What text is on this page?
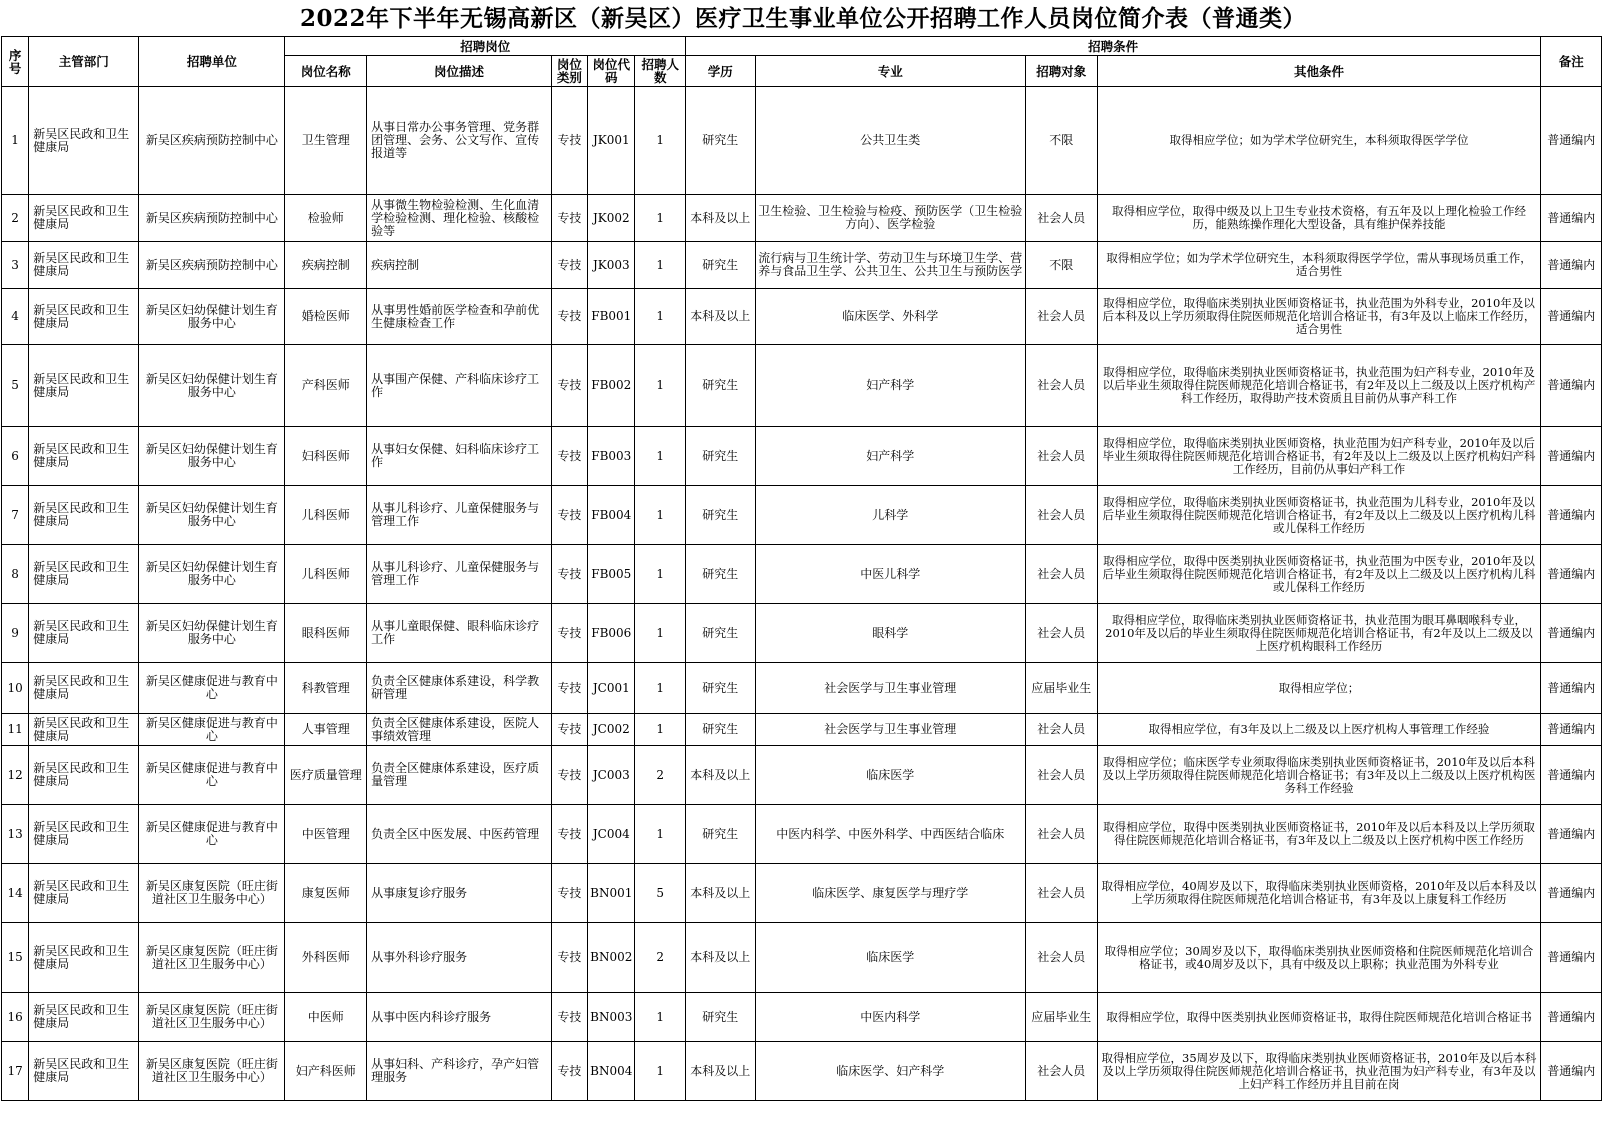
2022年下半年无锡高新区（新吴区）医疗卫生事业单位公开招聘工作人员岗位简介表（普通类）
序号	主管部门	招聘单位	招聘岗位					招聘条件				备注
			岗位名称	岗位描述	岗位类别	岗位代码	招聘人数	学历	专业	招聘对象	其他条件	
1	新吴区民政和卫生健康局	新吴区疾病预防控制中心	卫生管理	从事日常办公事务管理、党务群团管理、会务、公文写作、宣传报道等	专技	JK001	1	研究生	公共卫生类	不限	取得相应学位；如为学术学位研究生，本科须取得医学学位	普通编内
2	新吴区民政和卫生健康局	新吴区疾病预防控制中心	检验师	从事微生物检验检测、生化血清学检验检测、理化检验、核酸检验等	专技	JK002	1	本科及以上	卫生检验、卫生检验与检疫、预防医学（卫生检验方向）、医学检验	社会人员	取得相应学位，取得中级及以上卫生专业技术资格，有五年及以上理化检验工作经历，能熟练操作理化大型设备，具有维护保养技能	普通编内
3	新吴区民政和卫生健康局	新吴区疾病预防控制中心	疾病控制	疾病控制	专技	JK003	1	研究生	流行病与卫生统计学、劳动卫生与环境卫生学、营养与食品卫生学、公共卫生、公共卫生与预防医学	不限	取得相应学位；如为学术学位研究生，本科须取得医学学位，需从事现场员重工作，适合男性	普通编内
4	新吴区民政和卫生健康局	新吴区妇幼保健计划生育服务中心	婚检医师	从事男性婚前医学检查和孕前优生健康检查工作	专技	FB001	1	本科及以上	临床医学、外科学	社会人员	取得相应学位，取得临床类别执业医师资格证书，执业范围为外科专业，2010年及以后本科及以上学历须取得住院医师规范化培训合格证书，有3年及以上临床工作经历，适合男性	普通编内
5	新吴区民政和卫生健康局	新吴区妇幼保健计划生育服务中心	产科医师	从事围产保健、产科临床诊疗工作	专技	FB002	1	研究生	妇产科学	社会人员	取得相应学位，取得临床类别执业医师资格证书，执业范围为妇产科专业，2010年及以后毕业生须取得住院医师规范化培训合格证书，有2年及以上二级及以上医疗机构产科工作经历，取得助产技术资质且目前仍从事产科工作	普通编内
6	新吴区民政和卫生健康局	新吴区妇幼保健计划生育服务中心	妇科医师	从事妇女保健、妇科临床诊疗工作	专技	FB003	1	研究生	妇产科学	社会人员	取得相应学位，取得临床类别执业医师资格，执业范围为妇产科专业，2010年及以后毕业生须取得住院医师规范化培训合格证书，有2年及以上二级及以上医疗机构妇产科工作经历，目前仍从事妇产科工作	普通编内
7	新吴区民政和卫生健康局	新吴区妇幼保健计划生育服务中心	儿科医师	从事儿科诊疗、儿童保健服务与管理工作	专技	FB004	1	研究生	儿科学	社会人员	取得相应学位，取得临床类别执业医师资格证书，执业范围为儿科专业，2010年及以后毕业生须取得住院医师规范化培训合格证书，有2年及以上二级及以上医疗机构儿科或儿保科工作经历	普通编内
8	新吴区民政和卫生健康局	新吴区妇幼保健计划生育服务中心	儿科医师	从事儿科诊疗、儿童保健服务与管理工作	专技	FB005	1	研究生	中医儿科学	社会人员	取得相应学位，取得中医类别执业医师资格证书，执业范围为中医专业，2010年及以后毕业生须取得住院医师规范化培训合格证书，有2年及以上二级及以上医疗机构儿科或儿保科工作经历	普通编内
9	新吴区民政和卫生健康局	新吴区妇幼保健计划生育服务中心	眼科医师	从事儿童眼保健、眼科临床诊疗工作	专技	FB006	1	研究生	眼科学	社会人员	取得相应学位，取得临床类别执业医师资格证书，执业范围为眼耳鼻咽喉科专业，2010年及以后的毕业生须取得住院医师规范化培训合格证书，有2年及以上二级及以上医疗机构眼科工作经历	普通编内
10	新吴区民政和卫生健康局	新吴区健康促进与教育中心	科教管理	负责全区健康体系建设，科学教研管理	专技	JC001	1	研究生	社会医学与卫生事业管理	应届毕业生	取得相应学位；	普通编内
11	新吴区民政和卫生健康局	新吴区健康促进与教育中心	人事管理	负责全区健康体系建设，医院人事绩效管理	专技	JC002	1	研究生	社会医学与卫生事业管理	社会人员	取得相应学位，有3年及以上二级及以上医疗机构人事管理工作经验	普通编内
12	新吴区民政和卫生健康局	新吴区健康促进与教育中心	医疗质量管理	负责全区健康体系建设，医疗质量管理	专技	JC003	2	本科及以上	临床医学	社会人员	取得相应学位；临床医学专业须取得临床类别执业医师资格证书，2010年及以后本科及以上学历须取得住院医师规范化培训合格证书；有3年及以上二级及以上医疗机构医务科工作经验	普通编内
13	新吴区民政和卫生健康局	新吴区健康促进与教育中心	中医管理	负责全区中医发展、中医药管理	专技	JC004	1	研究生	中医内科学、中医外科学、中西医结合临床	社会人员	取得相应学位，取得中医类别执业医师资格证书，2010年及以后本科及以上学历须取得住院医师规范化培训合格证书，有3年及以上二级及以上医疗机构中医工作经历	普通编内
14	新吴区民政和卫生健康局	新吴区康复医院（旺庄街道社区卫生服务中心）	康复医师	从事康复诊疗服务	专技	BN001	5	本科及以上	临床医学、康复医学与理疗学	社会人员	取得相应学位，40周岁及以下，取得临床类别执业医师资格，2010年及以后本科及以上学历须取得住院医师规范化培训合格证书，有3年及以上康复科工作经历	普通编内
15	新吴区民政和卫生健康局	新吴区康复医院（旺庄街道社区卫生服务中心）	外科医师	从事外科诊疗服务	专技	BN002	2	本科及以上	临床医学	社会人员	取得相应学位；30周岁及以下，取得临床类别执业医师资格和住院医师规范化培训合格证书，或40周岁及以下，具有中级及以上职称；执业范围为外科专业	普通编内
16	新吴区民政和卫生健康局	新吴区康复医院（旺庄街道社区卫生服务中心）	中医师	从事中医内科诊疗服务	专技	BN003	1	研究生	中医内科学	应届毕业生	取得相应学位，取得中医类别执业医师资格证书，取得住院医师规范化培训合格证书	普通编内
17	新吴区民政和卫生健康局	新吴区康复医院（旺庄街道社区卫生服务中心）	妇产科医师	从事妇科、产科诊疗，孕产妇管理服务	专技	BN004	1	本科及以上	临床医学、妇产科学	社会人员	取得相应学位，35周岁及以下，取得临床类别执业医师资格证书，2010年及以后本科及以上学历须取得住院医师规范化培训合格证书，执业范围为妇产科专业，有3年及以上妇产科工作经历并且目前在岗	普通编内
